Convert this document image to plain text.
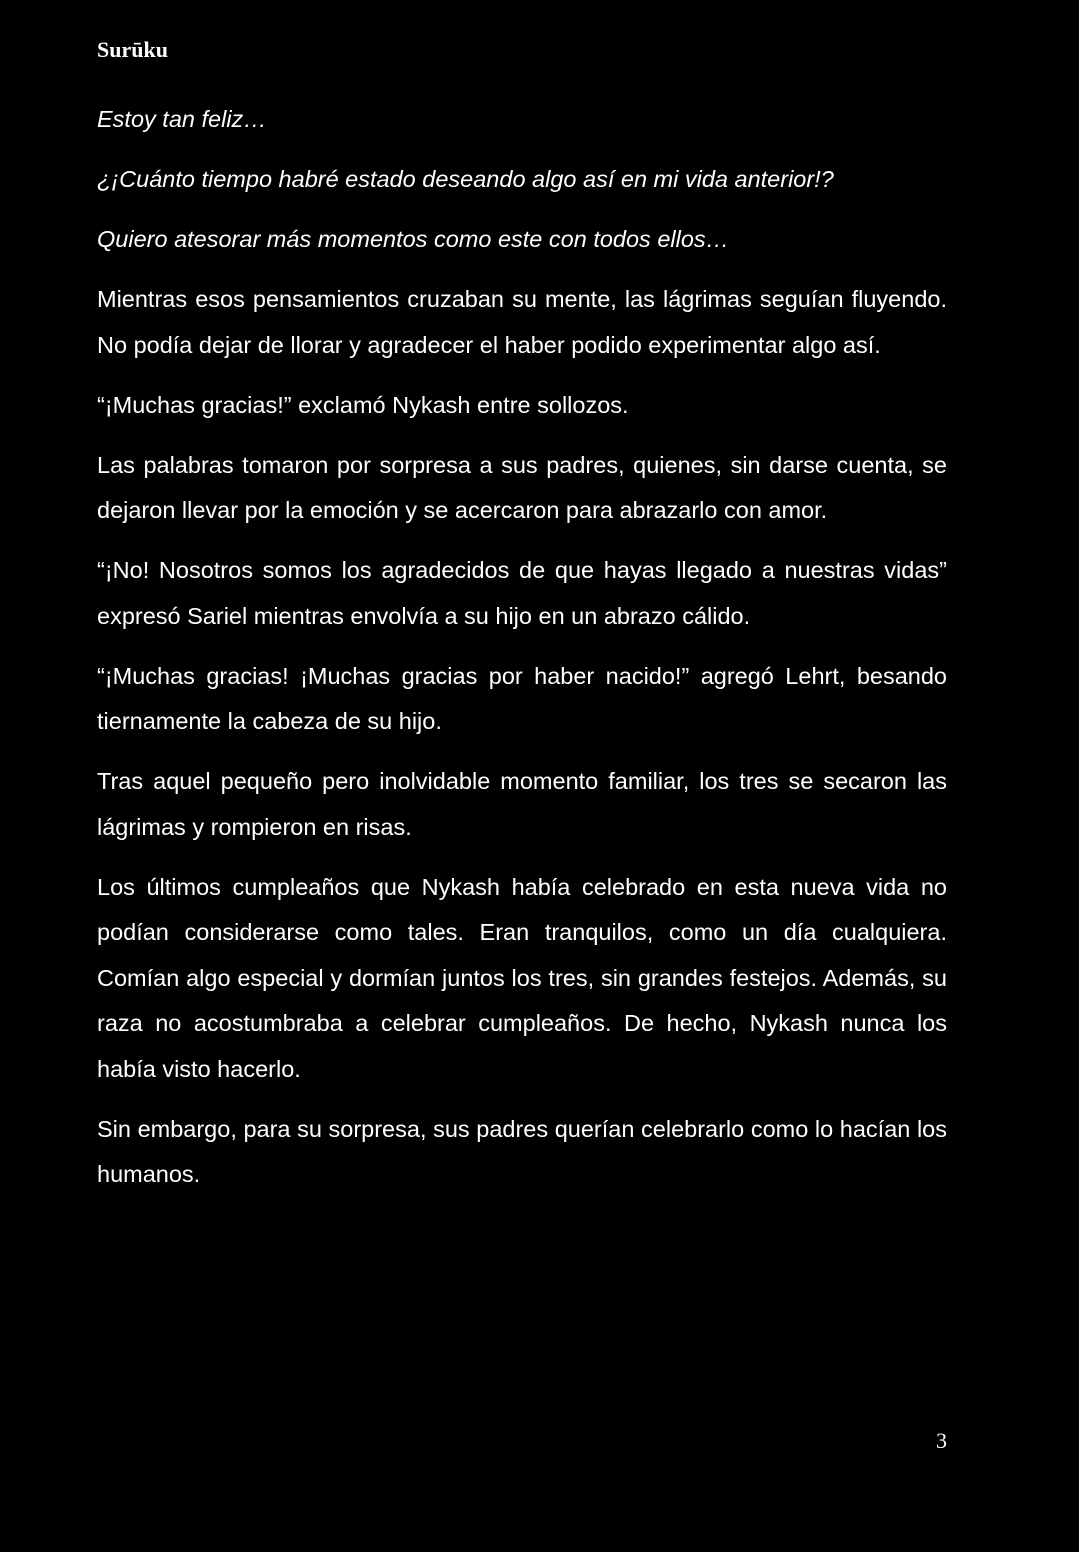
Surūku

Estoy tan feliz…

¿¡Cuánto tiempo habré estado deseando algo así en mi vida anterior!?

Quiero atesorar más momentos como este con todos ellos…

Mientras esos pensamientos cruzaban su mente, las lágrimas seguían fluyendo. No podía dejar de llorar y agradecer el haber podido experimentar algo así.

“¡Muchas gracias!” exclamó Nykash entre sollozos.

Las palabras tomaron por sorpresa a sus padres, quienes, sin darse cuenta, se dejaron llevar por la emoción y se acercaron para abrazarlo con amor.

“¡No! Nosotros somos los agradecidos de que hayas llegado a nuestras vidas” expresó Sariel mientras envolvía a su hijo en un abrazo cálido.

“¡Muchas gracias! ¡Muchas gracias por haber nacido!” agregó Lehrt, besando tiernamente la cabeza de su hijo.

Tras aquel pequeño pero inolvidable momento familiar, los tres se secaron las lágrimas y rompieron en risas.

Los últimos cumpleaños que Nykash había celebrado en esta nueva vida no podían considerarse como tales. Eran tranquilos, como un día cualquiera. Comían algo especial y dormían juntos los tres, sin grandes festejos. Además, su raza no acostumbraba a celebrar cumpleaños. De hecho, Nykash nunca los había visto hacerlo.

Sin embargo, para su sorpresa, sus padres querían celebrarlo como lo hacían los humanos.

3
